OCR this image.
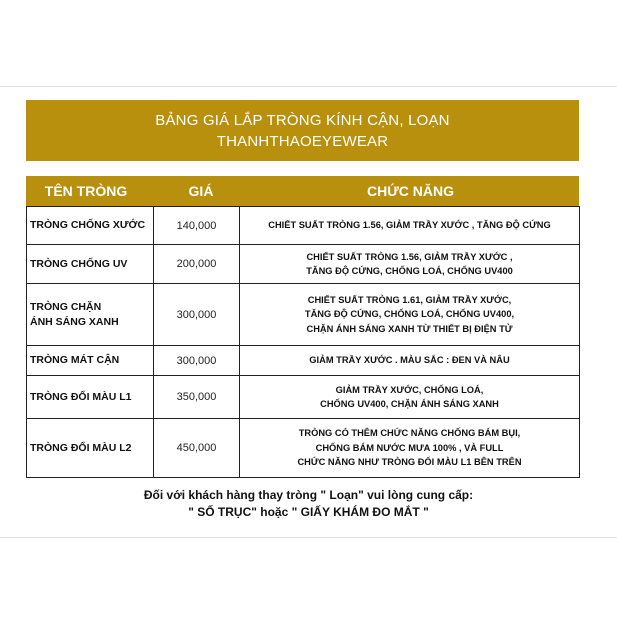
BẢNG GIÁ LẮP TRÒNG KÍNH CẬN, LOẠN
THANHTHAOEYEWEAR
TÊN TRÒNG	GIÁ	CHỨC NĂNG
TRÒNG CHỐNG XƯỚC	140,000	CHIẾT SUẤT TRÒNG 1.56, GIẢM TRẦY XƯỚC , TĂNG ĐỘ CỨNG

TRÒNG CHỐNG UV	200,000	CHIẾT SUẤT TRÒNG 1.56, GIẢM TRẦY XƯỚC ,
TĂNG ĐỘ CỨNG, CHỐNG LOÁ, CHỐNG UV400

TRÒNG CHẶN
ÁNH SÁNG XANH	300,000	CHIẾT SUẤT TRÒNG 1.61, GIẢM TRẦY XƯỚC,
TĂNG ĐỘ CỨNG, CHỐNG LOÁ, CHỐNG UV400,
CHẶN ÁNH SÁNG XANH TỪ THIẾT BỊ ĐIỆN TỬ

TRÒNG MÁT CẬN	300,000	GIẢM TRẦY XƯỚC . MÀU SẮC : ĐEN VÀ NÂU

TRÒNG ĐỔI MÀU L1	350,000	GIẢM TRẦY XƯỚC, CHỐNG LOÁ,
CHỐNG UV400, CHẶN ÁNH SÁNG XANH

TRÒNG ĐỔI MÀU L2	450,000	TRÒNG CÓ THÊM CHỨC NĂNG CHỐNG BÁM BỤI,
CHỐNG BÁM NƯỚC MƯA 100% , VÀ FULL
CHỨC NĂNG NHƯ TRÒNG ĐỔI MÀU L1 BÊN TRÊN
Đối với khách hàng thay tròng " Loạn" vui lòng cung cấp:
" SỐ TRỤC" hoặc " GIẤY KHÁM ĐO MẮT "
